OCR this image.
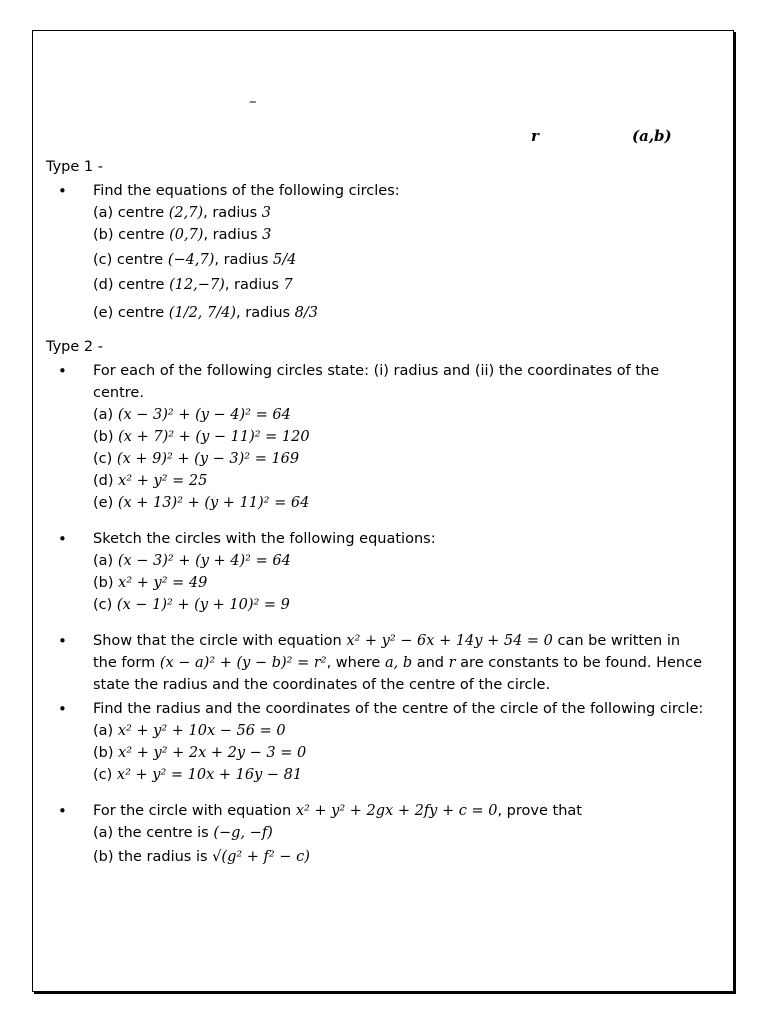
–
r	(a,b)
Type 1 -
• Find the equations of the following circles:
(a) centre (2,7), radius 3
(b) centre (0,7), radius 3
(c) centre (−4,7), radius 5/4
(d) centre (12,−7), radius 7
(e) centre (1/2, 7/4), radius 8/3
Type 2 -
• For each of the following circles state: (i) radius and (ii) the coordinates of the centre.
(a) (x − 3)² + (y − 4)² = 64
(b) (x + 7)² + (y − 11)² = 120
(c) (x + 9)² + (y − 3)² = 169
(d) x² + y² = 25
(e) (x + 13)² + (y + 11)² = 64
• Sketch the circles with the following equations:
(a) (x − 3)² + (y + 4)² = 64
(b) x² + y² = 49
(c) (x − 1)² + (y + 10)² = 9
• Show that the circle with equation x² + y² − 6x + 14y + 54 = 0 can be written in the form (x − a)² + (y − b)² = r², where a, b and r are constants to be found. Hence state the radius and the coordinates of the centre of the circle.
• Find the radius and the coordinates of the centre of the circle of the following circle:
(a) x² + y² + 10x − 56 = 0
(b) x² + y² + 2x + 2y − 3 = 0
(c) x² + y² = 10x + 16y − 81
• For the circle with equation x² + y² + 2gx + 2fy + c = 0, prove that
(a) the centre is (−g, −f)
(b) the radius is √(g² + f² − c)
